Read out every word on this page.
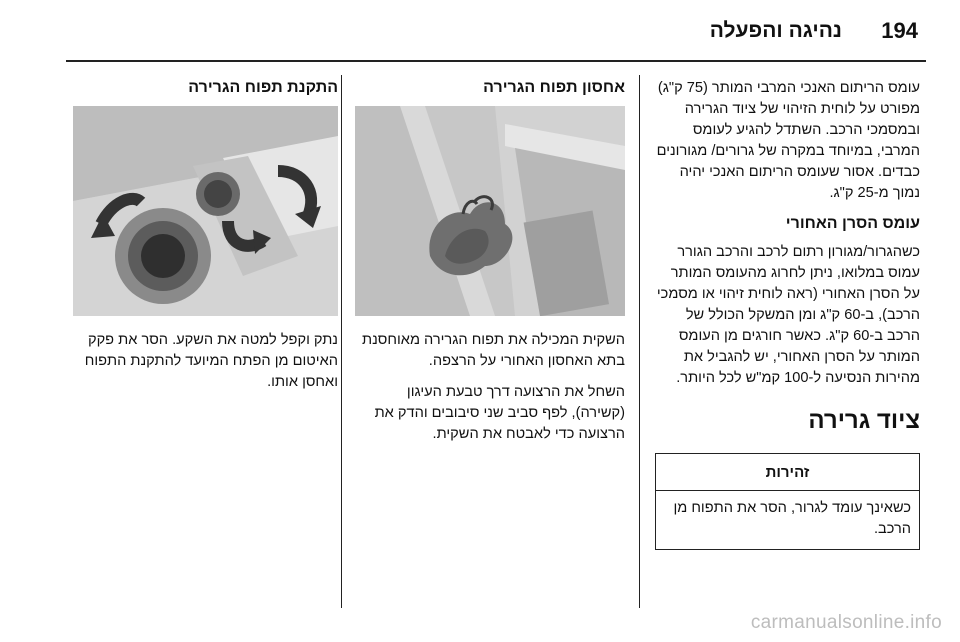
194
נהיגה והפעלה

עומס הריתום האנכי המרבי המותר (75 ק"ג) מפורט על לוחית הזיהוי של ציוד הגרירה ובמסמכי הרכב. השתדל להגיע לעומס המרבי, במיוחד במקרה של גרורים/ מגורונים כבדים. אסור שעומס הריתום האנכי יהיה נמוך מ-25 ק"ג.

עומס הסרן האחורי

כשהגרור/מגורון רתום לרכב והרכב הגורר עמוס במלואו, ניתן לחרוג מהעומס המותר על הסרן האחורי (ראה לוחית זיהוי או מסמכי הרכב), ב-60 ק"ג ומן המשקל הכולל של הרכב ב-60 ק"ג. כאשר חורגים מן העומס המותר על הסרן האחורי, יש להגביל את מהירות הנסיעה ל-100 קמ"ש לכל היותר.

ציוד גרירה
זהירות
כשאינך עומד לגרור, הסר את התפוח מן הרכב.
אחסון תפוח הגרירה

השקית המכילה את תפוח הגרירה מאוחסנת בתא האחסון האחורי על הרצפה.

השחל את הרצועה דרך טבעת העיגון (קשירה), לפף סביב שני סיבובים והדק את הרצועה כדי לאבטח את השקית.

התקנת תפוח הגרירה

נתק וקפל למטה את השקע. הסר את פקק האיטום מן הפתח המיועד להתקנת התפוח ואחסן אותו.

carmanualsonline.info
